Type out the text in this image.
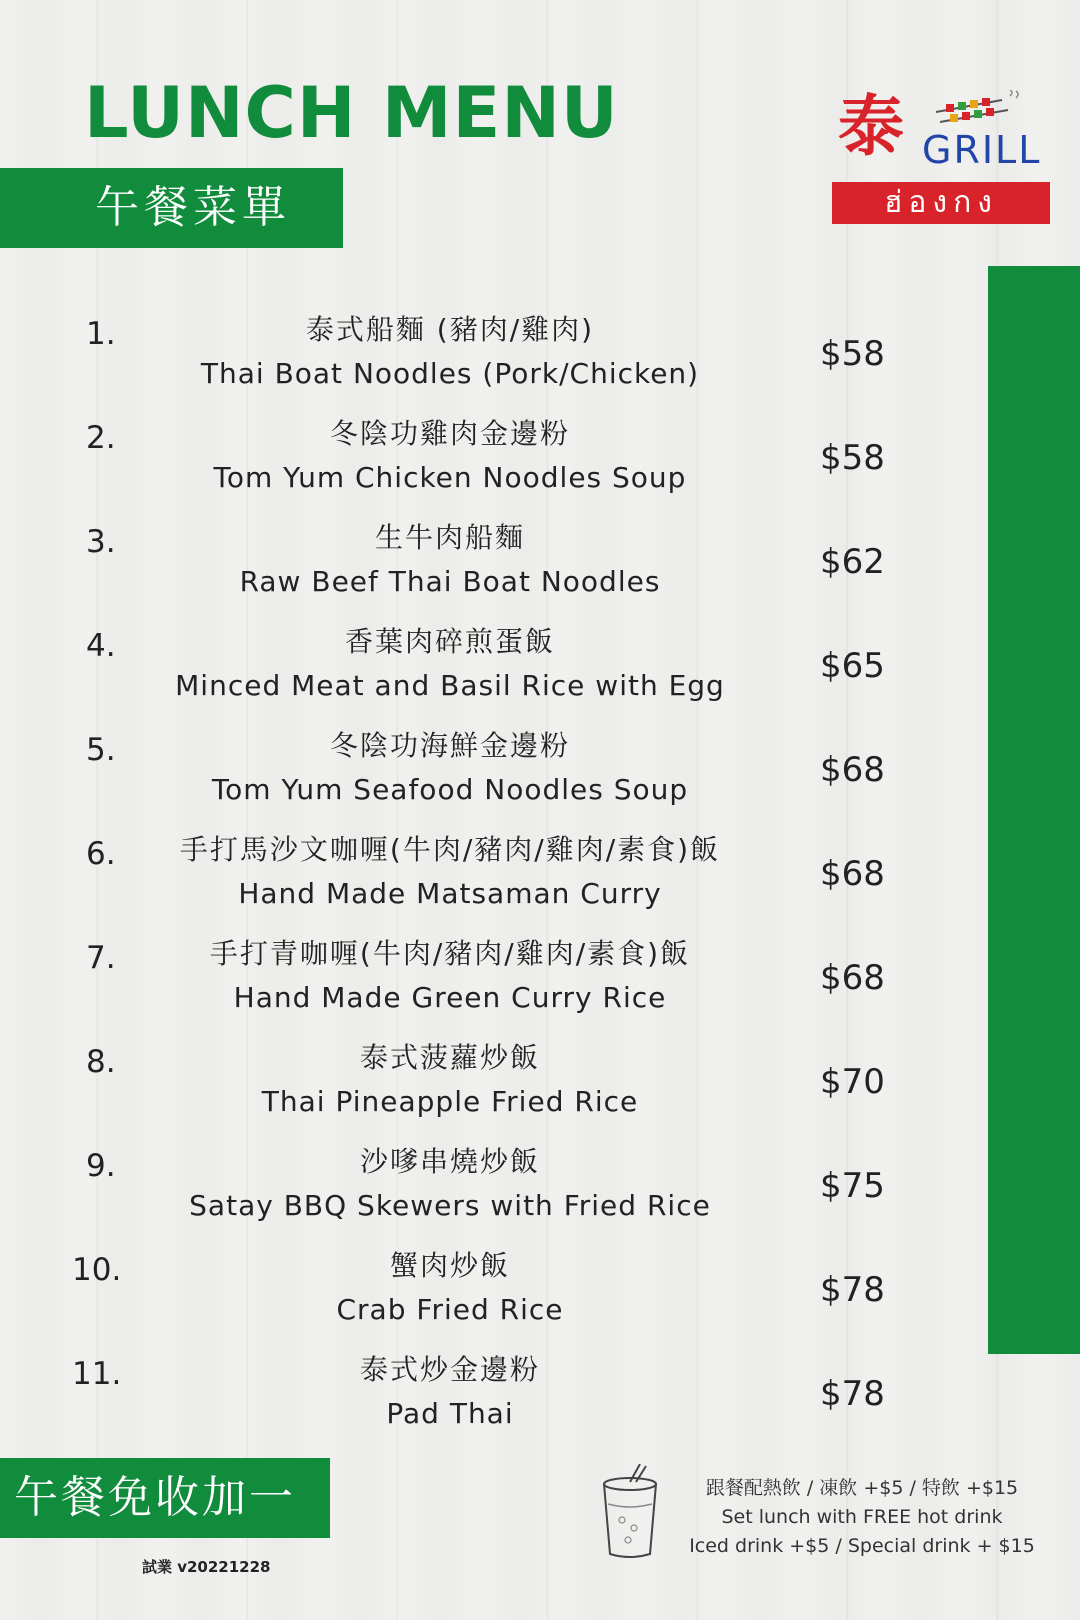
LUNCH MENU
午餐菜單
泰 GRILL
ฮ่องกง
1.	泰式船麵 (豬肉/雞肉)
Thai Boat Noodles (Pork/Chicken)	$58
2.	冬陰功雞肉金邊粉
Tom Yum Chicken Noodles Soup	$58
3.	生牛肉船麵
Raw Beef Thai Boat Noodles	$62
4.	香葉肉碎煎蛋飯
Minced Meat and Basil Rice with Egg	$65
5.	冬陰功海鮮金邊粉
Tom Yum Seafood Noodles Soup	$68
6.	手打馬沙文咖喱(牛肉/豬肉/雞肉/素食)飯
Hand Made Matsaman Curry	$68
7.	手打青咖喱(牛肉/豬肉/雞肉/素食)飯
Hand Made Green Curry Rice	$68
8.	泰式菠蘿炒飯
Thai Pineapple Fried Rice	$70
9.	沙嗲串燒炒飯
Satay BBQ Skewers with Fried Rice	$75
10.	蟹肉炒飯
Crab Fried Rice	$78
11.	泰式炒金邊粉
Pad Thai	$78
午餐免收加一
試業 v20221228
跟餐配熱飲 / 凍飲 +$5 / 特飲 +$15
Set lunch with FREE hot drink
Iced drink +$5 / Special drink + $15
